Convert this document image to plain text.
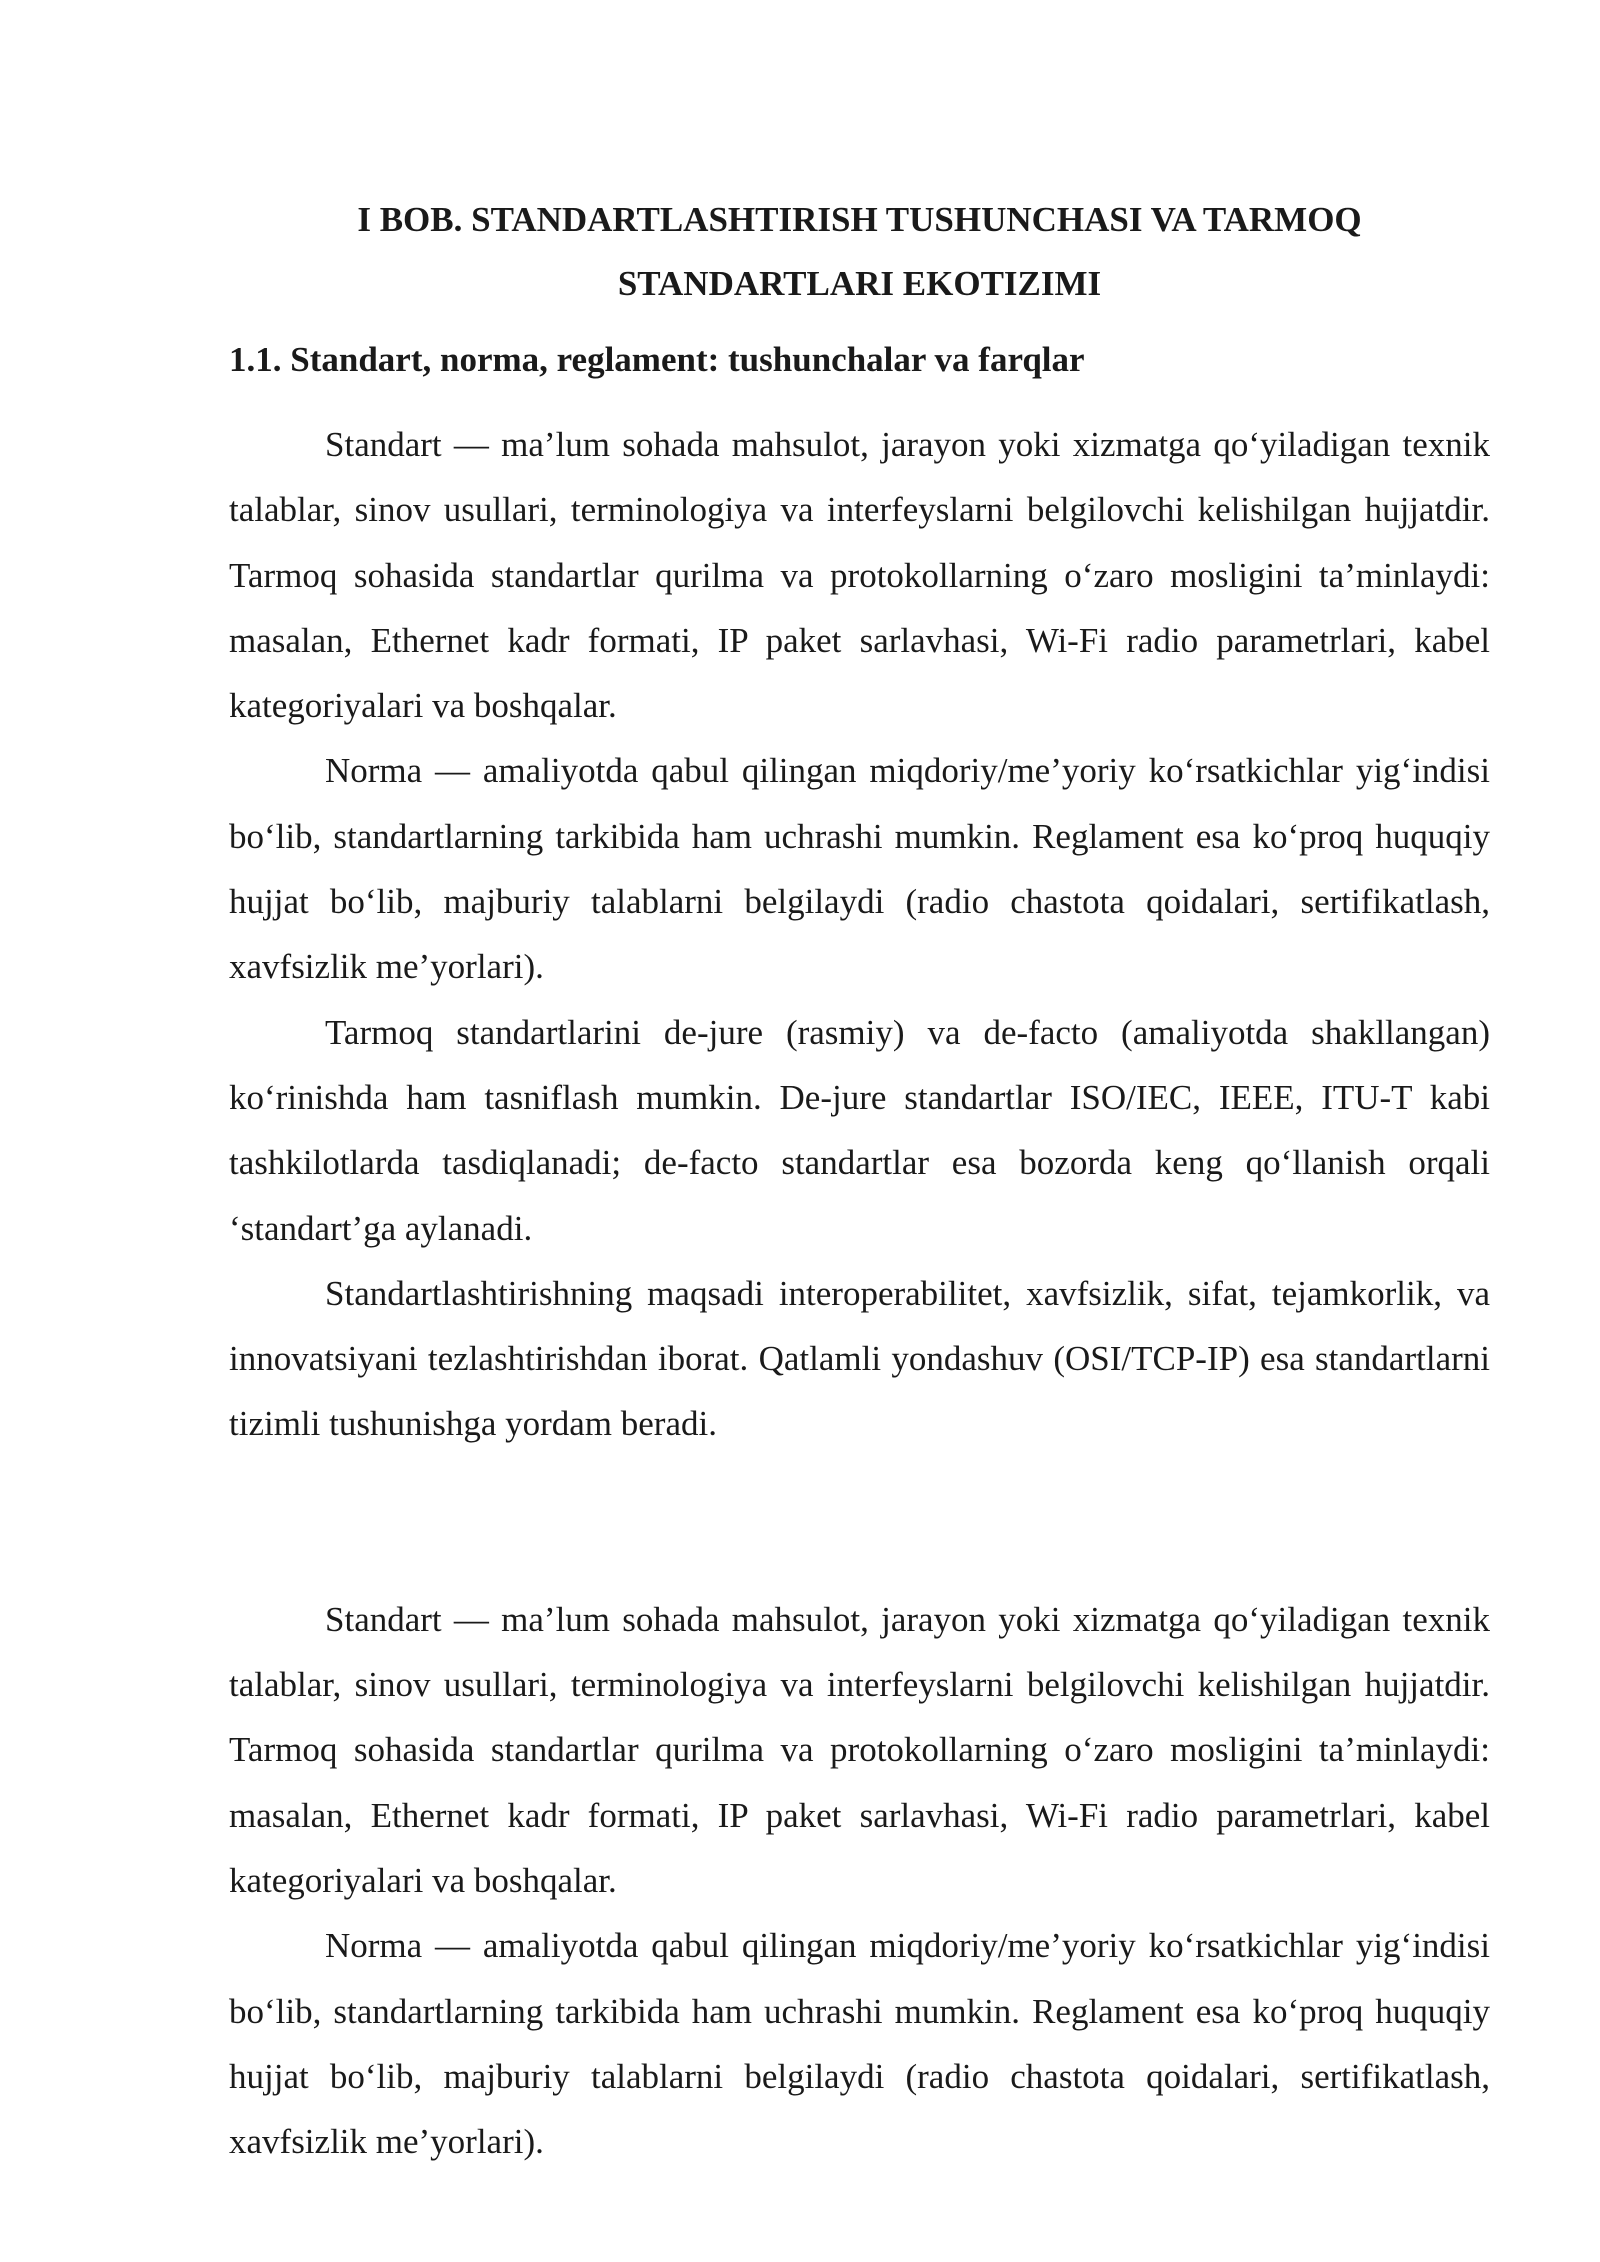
I BOB. STANDARTLASHTIRISH TUSHUNCHASI VA TARMOQ
STANDARTLARI EKOTIZIMI
1.1. Standart, norma, reglament: tushunchalar va farqlar

Standart — ma’lum sohada mahsulot, jarayon yoki xizmatga qo‘yiladigan texnik talablar, sinov usullari, terminologiya va interfeyslarni belgilovchi kelishilgan hujjatdir. Tarmoq sohasida standartlar qurilma va protokollarning o‘zaro mosligini ta’minlaydi: masalan, Ethernet kadr formati, IP paket sarlavhasi, Wi-Fi radio parametrlari, kabel kategoriyalari va boshqalar.

Norma — amaliyotda qabul qilingan miqdoriy/me’yoriy ko‘rsatkichlar yig‘indisi bo‘lib, standartlarning tarkibida ham uchrashi mumkin. Reglament esa ko‘proq huquqiy hujjat bo‘lib, majburiy talablarni belgilaydi (radio chastota qoidalari, sertifikatlash, xavfsizlik me’yorlari).

Tarmoq standartlarini de-jure (rasmiy) va de-facto (amaliyotda shakllangan) ko‘rinishda ham tasniflash mumkin. De-jure standartlar ISO/IEC, IEEE, ITU-T kabi tashkilotlarda tasdiqlanadi; de-facto standartlar esa bozorda keng qo‘llanish orqali ‘standart’ga aylanadi.

Standartlashtirishning maqsadi interoperabilitet, xavfsizlik, sifat, tejamkorlik, va innovatsiyani tezlashtirishdan iborat. Qatlamli yondashuv (OSI/TCP-IP) esa standartlarni tizimli tushunishga yordam beradi.

Standart — ma’lum sohada mahsulot, jarayon yoki xizmatga qo‘yiladigan texnik talablar, sinov usullari, terminologiya va interfeyslarni belgilovchi kelishilgan hujjatdir. Tarmoq sohasida standartlar qurilma va protokollarning o‘zaro mosligini ta’minlaydi: masalan, Ethernet kadr formati, IP paket sarlavhasi, Wi-Fi radio parametrlari, kabel kategoriyalari va boshqalar.

Norma — amaliyotda qabul qilingan miqdoriy/me’yoriy ko‘rsatkichlar yig‘indisi bo‘lib, standartlarning tarkibida ham uchrashi mumkin. Reglament esa ko‘proq huquqiy hujjat bo‘lib, majburiy talablarni belgilaydi (radio chastota qoidalari, sertifikatlash, xavfsizlik me’yorlari).
